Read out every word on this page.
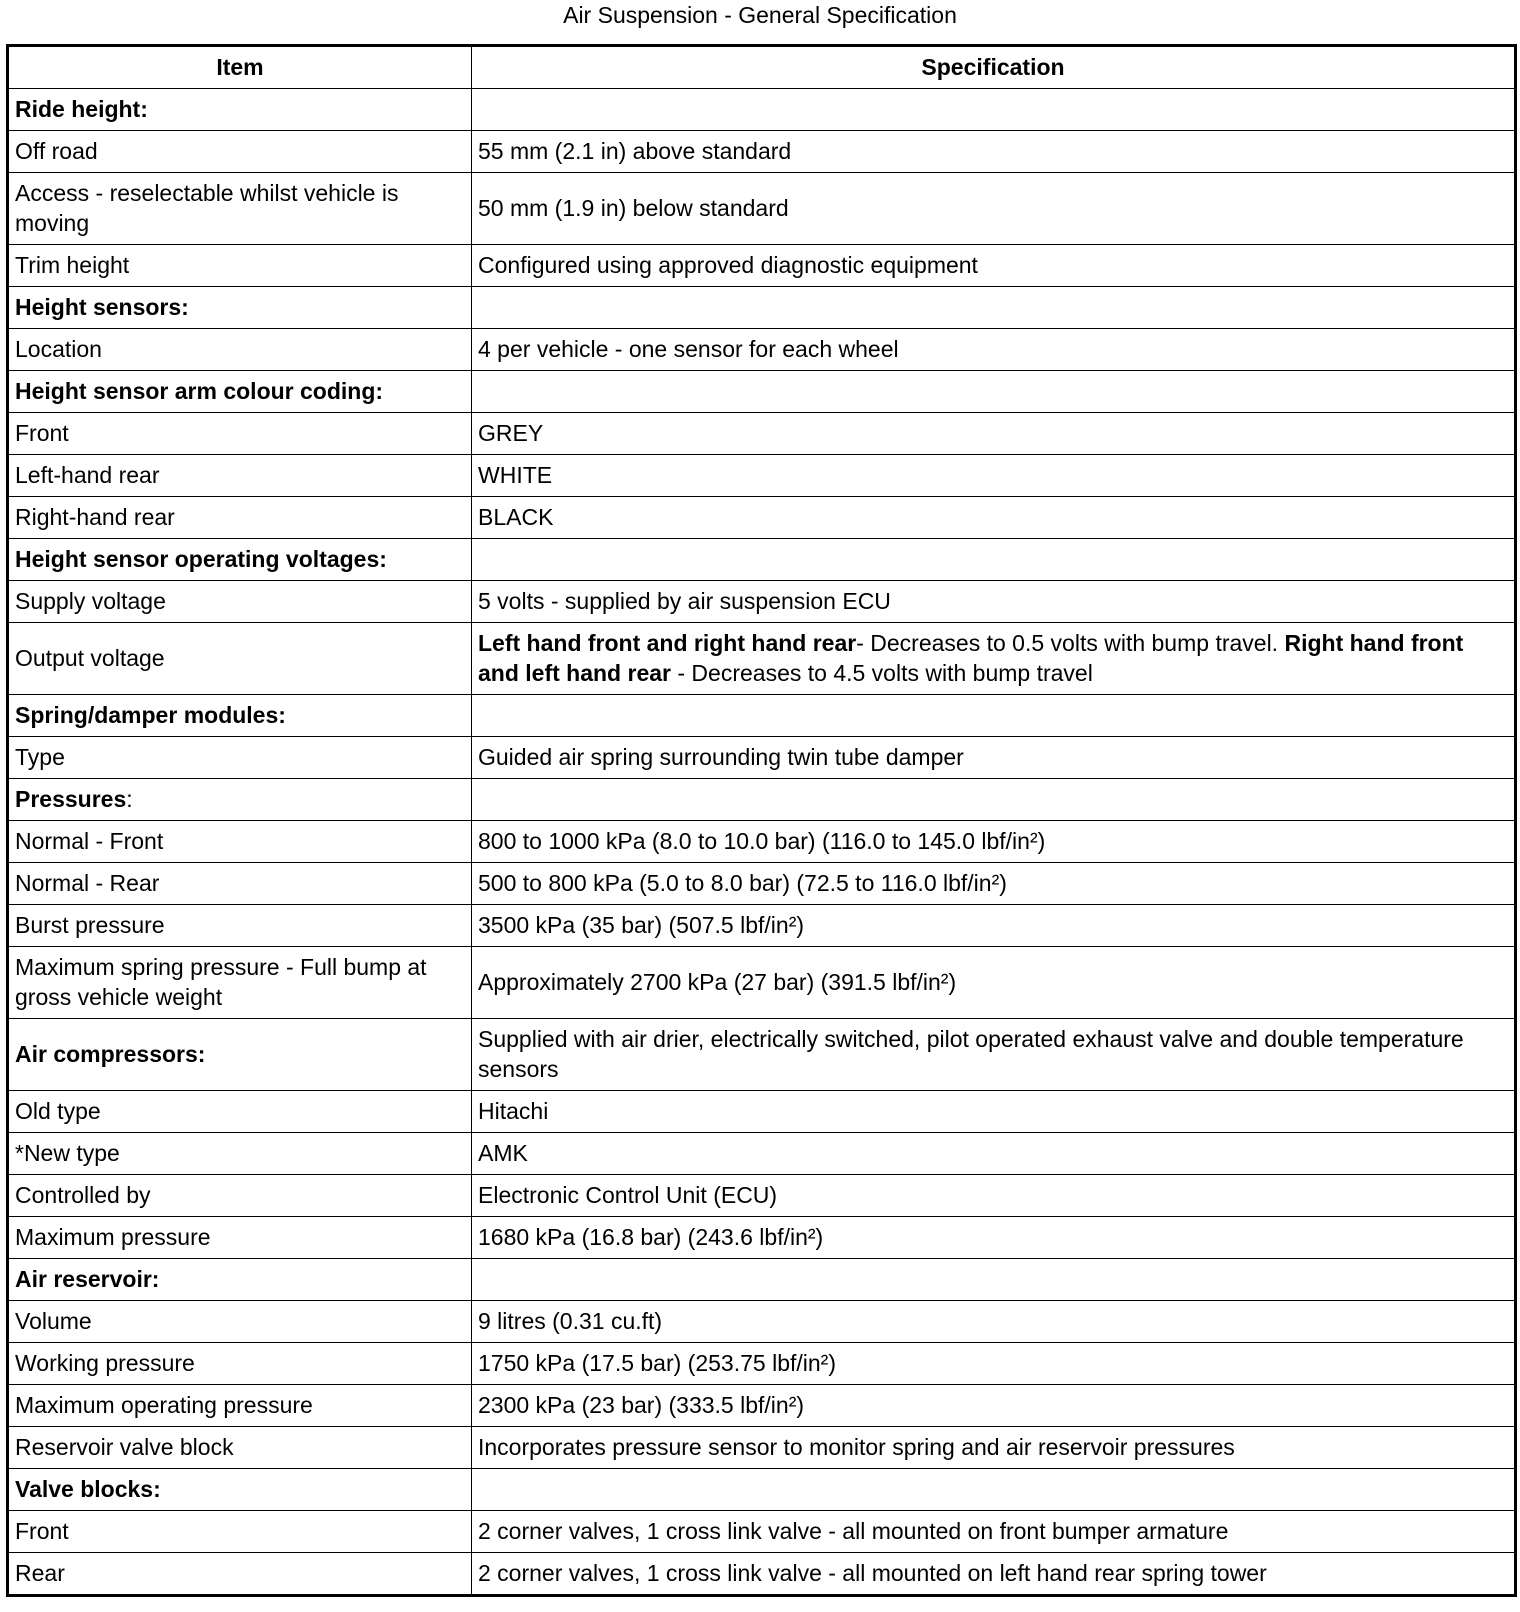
Air Suspension - General Specification
Item	Specification
Ride height:	
Off road	55 mm (2.1 in) above standard
Access - reselectable whilst vehicle is moving	50 mm (1.9 in) below standard
Trim height	Configured using approved diagnostic equipment
Height sensors:	
Location	4 per vehicle - one sensor for each wheel
Height sensor arm colour coding:	
Front	GREY
Left-hand rear	WHITE
Right-hand rear	BLACK
Height sensor operating voltages:	
Supply voltage	5 volts - supplied by air suspension ECU
Output voltage	Left hand front and right hand rear- Decreases to 0.5 volts with bump travel. Right hand front and left hand rear - Decreases to 4.5 volts with bump travel
Spring/damper modules:	
Type	Guided air spring surrounding twin tube damper
Pressures:	
Normal - Front	800 to 1000 kPa (8.0 to 10.0 bar) (116.0 to 145.0 lbf/in²)
Normal - Rear	500 to 800 kPa (5.0 to 8.0 bar) (72.5 to 116.0 lbf/in²)
Burst pressure	3500 kPa (35 bar) (507.5 lbf/in²)
Maximum spring pressure - Full bump at gross vehicle weight	Approximately 2700 kPa (27 bar) (391.5 lbf/in²)
Air compressors:	Supplied with air drier, electrically switched, pilot operated exhaust valve and double temperature sensors
Old type	Hitachi
*New type	AMK
Controlled by	Electronic Control Unit (ECU)
Maximum pressure	1680 kPa (16.8 bar) (243.6 lbf/in²)
Air reservoir:	
Volume	9 litres (0.31 cu.ft)
Working pressure	1750 kPa (17.5 bar) (253.75 lbf/in²)
Maximum operating pressure	2300 kPa (23 bar) (333.5 lbf/in²)
Reservoir valve block	Incorporates pressure sensor to monitor spring and air reservoir pressures
Valve blocks:	
Front	2 corner valves, 1 cross link valve - all mounted on front bumper armature
Rear	2 corner valves, 1 cross link valve - all mounted on left hand rear spring tower
